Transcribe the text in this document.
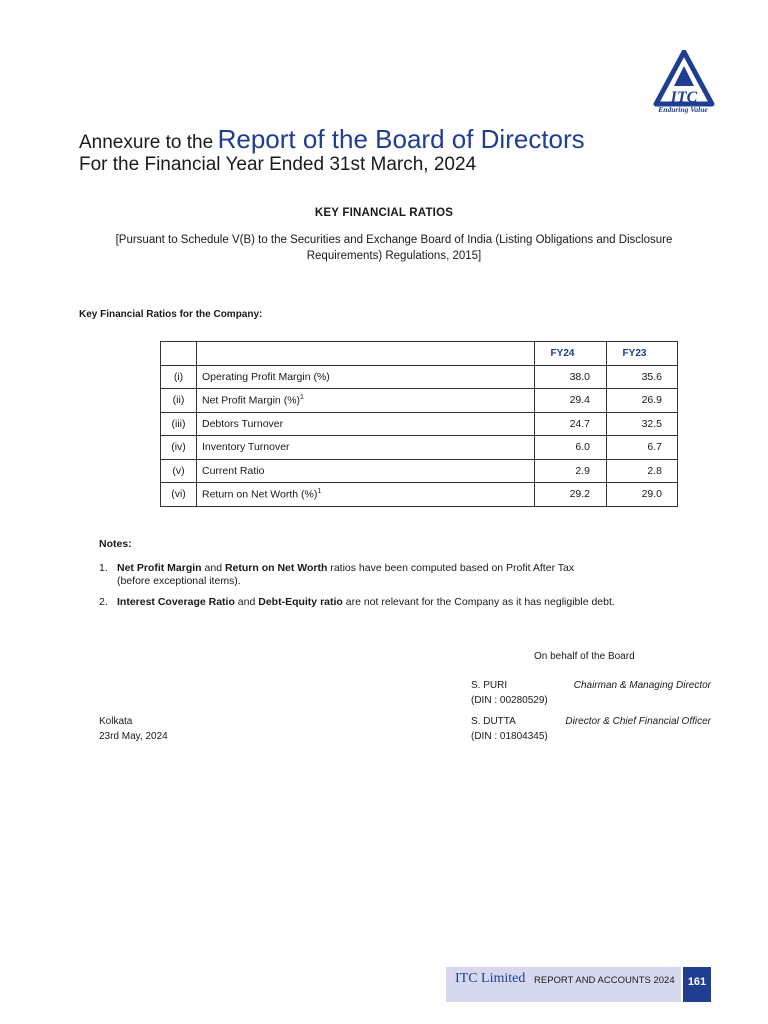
ITC
Enduring Value
Annexure to the Report of the Board of Directors
For the Financial Year Ended 31st March, 2024
KEY FINANCIAL RATIOS
[Pursuant to Schedule V(B) to the Securities and Exchange Board of India (Listing Obligations and Disclosure Requirements) Regulations, 2015]
Key Financial Ratios for the Company:
		FY24	FY23
(i)	Operating Profit Margin (%)	38.0	35.6
(ii)	Net Profit Margin (%)$^1$	29.4	26.9
(iii)	Debtors Turnover	24.7	32.5
(iv)	Inventory Turnover	6.0	6.7
(v)	Current Ratio	2.9	2.8
(vi)	Return on Net Worth (%)$^1$	29.2	29.0
Notes:
1. Net Profit Margin and Return on Net Worth ratios have been computed based on Profit After Tax
(before exceptional items).
2. Interest Coverage Ratio and Debt-Equity ratio are not relevant for the Company as it has negligible debt.
On behalf of the Board
S. PURI
(DIN : 00280529)
Chairman & Managing Director
S. DUTTA
(DIN : 01804345)
Director & Chief Financial Officer
Kolkata
23rd May, 2024
ITC Limited REPORT AND ACCOUNTS 2024	161
